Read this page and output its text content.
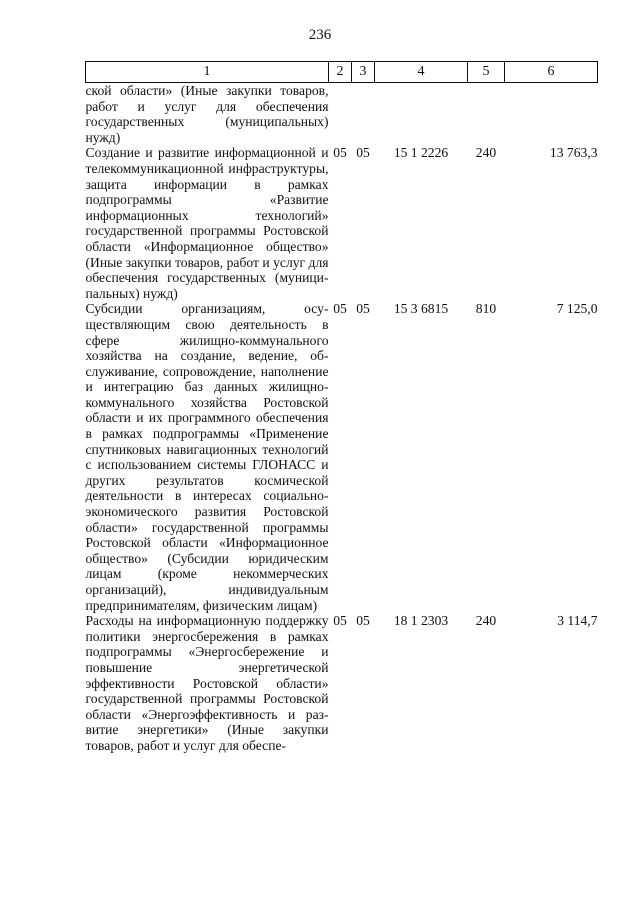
236
1	2	3	4	5	6
ской области» (Иные закупки товаров, работ и услуг для обеспечения государственных (муниципальных) нужд)					
Создание и развитие информационной и телекоммуникационной инфраструктуры, защита информации в рамках подпрограммы «Развитие информационных технологий» государственной программы Ростовской области «Информационное общество» (Иные закупки товаров, работ и услуг для обеспечения государственных (муниципальных) нужд)	05	05	15 1 2226	240	13 763,3
Субсидии организациям, осуществляющим свою деятельность в сфере жилищно-коммунального хозяйства на создание, ведение, обслуживание, сопровождение, наполнение и интеграцию баз данных жилищно-коммунального хозяйства Ростовской области и их программного обеспечения в рамках подпрограммы «Применение спутниковых навигационных технологий с использованием системы ГЛОНАСС и других результатов космической деятельности в интересах социально-экономического развития Ростовской области» государственной программы Ростовской области «Информационное общество» (Субсидии юридическим лицам (кроме некоммерческих организаций), индивидуальным предпринимателям, физическим лицам)	05	05	15 3 6815	810	7 125,0
Расходы на информационную поддержку политики энергосбережения в рамках подпрограммы «Энергосбережение и повышение энергетической эффективности Ростовской области» государственной программы Ростовской области «Энергоэффективность и развитие энергетики» (Иные закупки товаров, работ и услуг для обеспе-	05	05	18 1 2303	240	3 114,7
